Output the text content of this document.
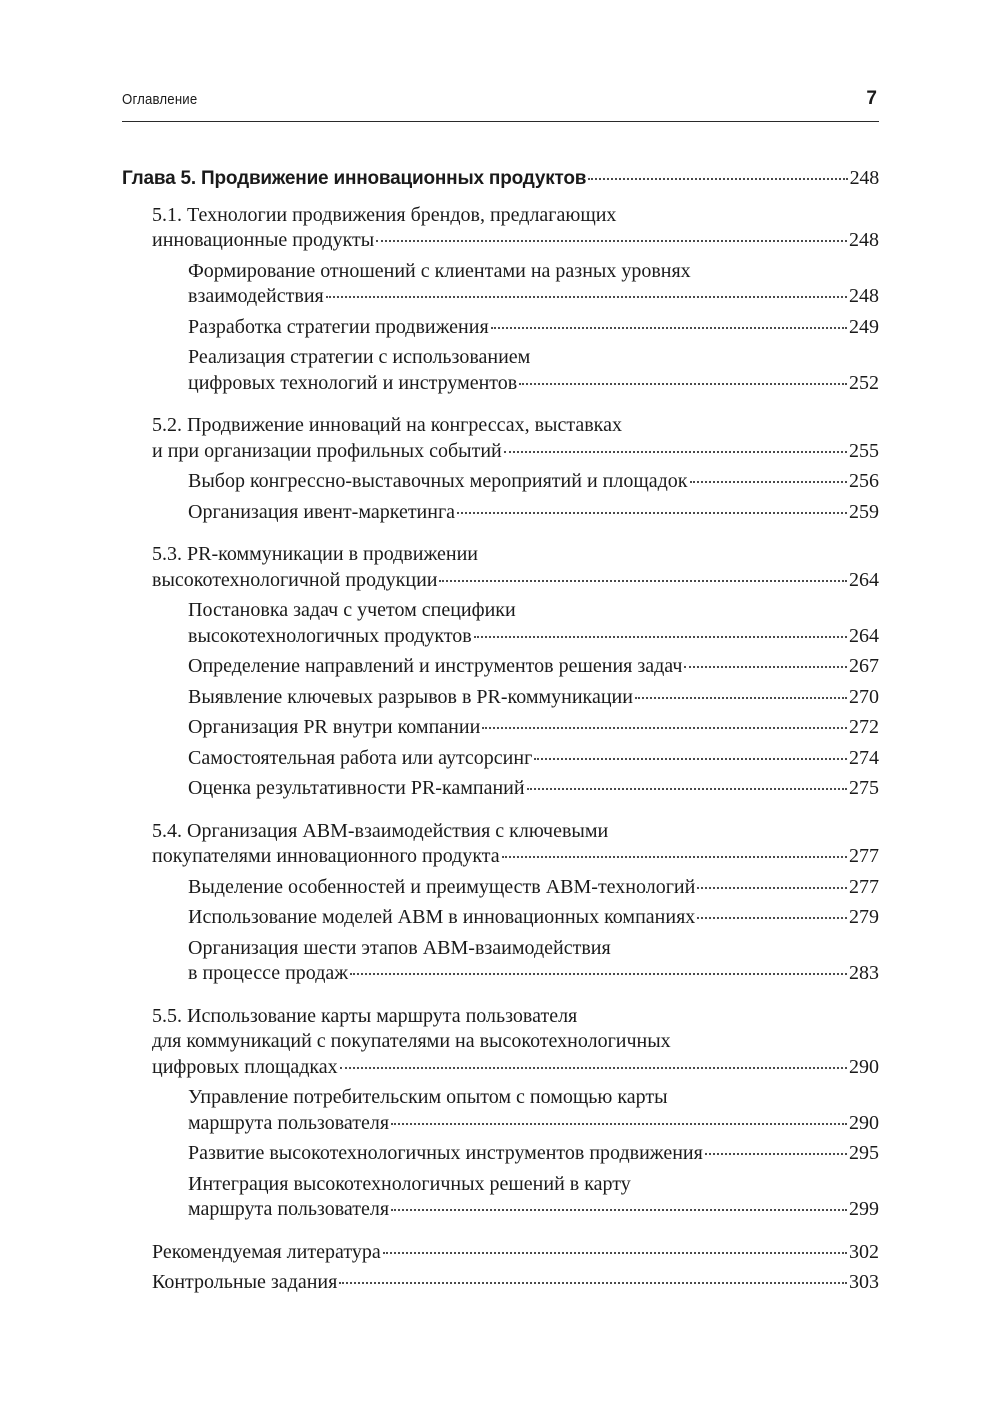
Оглавление	7
Глава 5. Продвижение инновационных продуктов	248
5.1. Технологии продвижения брендов, предлагающих
инновационные продукты	248
Формирование отношений с клиентами на разных уровнях
взаимодействия	248
Разработка стратегии продвижения	249
Реализация стратегии с использованием
цифровых технологий и инструментов	252
5.2. Продвижение инноваций на конгрессах, выставках
и при организации профильных событий	255
Выбор конгрессно-выставочных мероприятий и площадок	256
Организация ивент-маркетинга	259
5.3. PR-коммуникации в продвижении
высокотехнологичной продукции	264
Постановка задач с учетом специфики
высокотехнологичных продуктов	264
Определение направлений и инструментов решения задач	267
Выявление ключевых разрывов в PR-коммуникации	270
Организация PR внутри компании	272
Самостоятельная работа или аутсорсинг	274
Оценка результативности PR-кампаний	275
5.4. Организация ABM-взаимодействия с ключевыми
покупателями инновационного продукта	277
Выделение особенностей и преимуществ ABM-технологий	277
Использование моделей ABM в инновационных компаниях	279
Организация шести этапов ABM-взаимодействия
в процессе продаж	283
5.5. Использование карты маршрута пользователя
для коммуникаций с покупателями на высокотехнологичных
цифровых площадках	290
Управление потребительским опытом с помощью карты
маршрута пользователя	290
Развитие высокотехнологичных инструментов продвижения	295
Интеграция высокотехнологичных решений в карту
маршрута пользователя	299
Рекомендуемая литература	302
Контрольные задания	303
